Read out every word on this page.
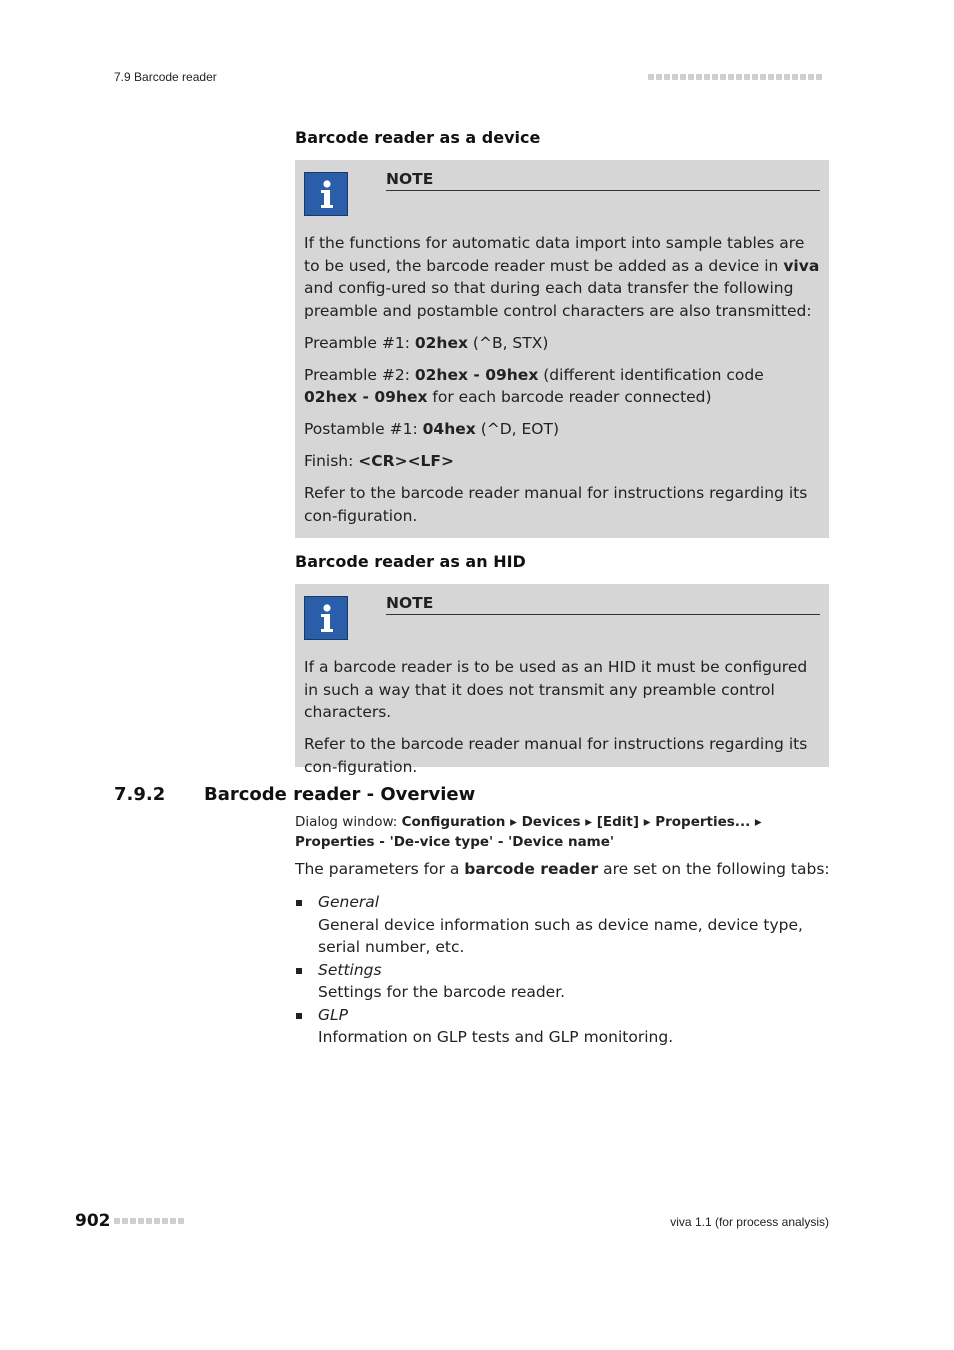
7.9 Barcode reader
Barcode reader as a device
NOTE

If the functions for automatic data import into sample tables are to be used, the barcode reader must be added as a device in viva and config-ured so that during each data transfer the following preamble and postamble control characters are also transmitted:

Preamble #1: 02hex (^B, STX)

Preamble #2: 02hex - 09hex (different identification code 02hex - 09hex for each barcode reader connected)

Postamble #1: 04hex (^D, EOT)

Finish: <CR><LF>

Refer to the barcode reader manual for instructions regarding its con-figuration.

Barcode reader as an HID
NOTE

If a barcode reader is to be used as an HID it must be configured in such a way that it does not transmit any preamble control characters.

Refer to the barcode reader manual for instructions regarding its con-figuration.

7.9.2 Barcode reader - Overview
Dialog window: Configuration ▸ Devices ▸ [Edit] ▸ Properties... ▸ Properties - 'De-vice type' - 'Device name'
The parameters for a barcode reader are set on the following tabs:
General
General device information such as device name, device type, serial number, etc.
Settings
Settings for the barcode reader.
GLP
Information on GLP tests and GLP monitoring.
902	viva 1.1 (for process analysis)
